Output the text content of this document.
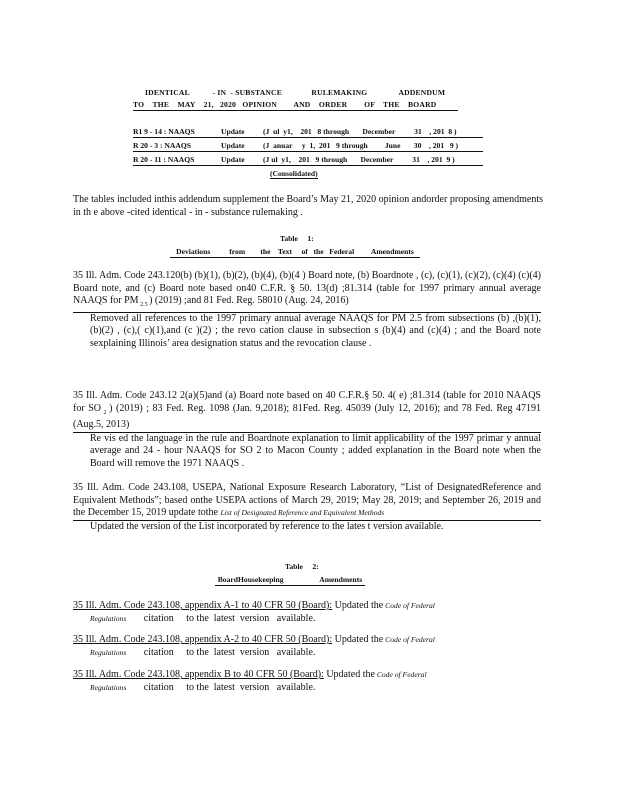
IDENTICAL           - IN  - SUBSTANCE              RULEMAKING               ADDENDUM
TO    THE    MAY    21,   2020   OPINION        AND    ORDER        OF    THE    BOARD
R1 9 - 14 : NAAQS	Update (J  ul  y1,    201   8 through       December          31    , 201  8 )
R 20 - 3 : NAAQS	Update (J  anuar     y  1,  201   9 through         June       30    , 201   9 )
R 20 - 11 : NAAQS	Update (J ul  y1,    201   9 through       December          31    , 201  9 )
(Consolidated)
The tables included inthis addendum supplement the Board’s May 21, 2020 opinion andorder proposing amendments in th e above -cited identical - in - substance rulemaking .
Table     1:
Deviations          from        the    Text     of   the   Federal         Amendments
35 Ill. Adm. Code 243.120(b) (b)(1), (b)(2), (b)(4), (b)(4 ) Board note, (b) Boardnote , (c), (c)(1), (c)(2), (c)(4) (c)(4) Board note, and (c) Board note based on40 C.F.R. § 50. 13(d) ;81.314 (table for 1997 primary annual average NAAQS for PM $_{2.5}$ ) (2019) ;and 81 Fed. Reg. 58010 (Aug. 24, 2016)
Removed all references to the 1997 primary annual average NAAQS for PM 2.5 from subsections (b) ,(b)(1), (b)(2) , (c),( c)(1),and (c )(2) ; the revo cation clause in subsection s (b)(4) and (c)(4) ; and the Board note sexplaining Illinois’ area designation status and the revocation clause .
35 Ill. Adm. Code 243.12 2(a)(5)and (a) Board note based on 40 C.F.R.§ 50. 4( e) ;81.314 (table for 2010 NAAQS for SO $_2$ ) (2019) ; 83 Fed. Reg. 1098 (Jan. 9,2018); 81Fed. Reg. 45039 (July 12, 2016); and 78 Fed. Reg 47191 (Aug.5, 2013)
Re vis ed the language in the rule and Boardnote explanation to limit applicability of the 1997 primar y annual average and 24 - hour NAAQS for SO 2 to Macon County ; added explanation in the Board note when the Board will remove the 1971 NAAQS .
35 Ill. Adm. Code 243.108, USEPA, National Exposure Research Laboratory, “List of DesignatedReference and Equivalent Methods”; based onthe USEPA actions of March 29, 2019; May 28, 2019; and September 26, 2019 and the December 15, 2019 update tothe List of Designated Reference and Equivalent Methods
Updated the version of the List incorporated by reference to the lates t version available.
Table     2:
BoardHousekeeping                   Amendments
35 Ill. Adm. Code 243.108, appendix A-1 to 40 CFR 50 (Board): Updated the Code of Federal
Regulations       citation     to the  latest  version   available.
35 Ill. Adm. Code 243.108, appendix A-2 to 40 CFR 50 (Board): Updated the Code of Federal
Regulations       citation     to the  latest  version   available.
35 Ill. Adm. Code 243.108, appendix B to 40 CFR 50 (Board): Updated the Code of Federal
Regulations       citation     to the  latest  version   available.
